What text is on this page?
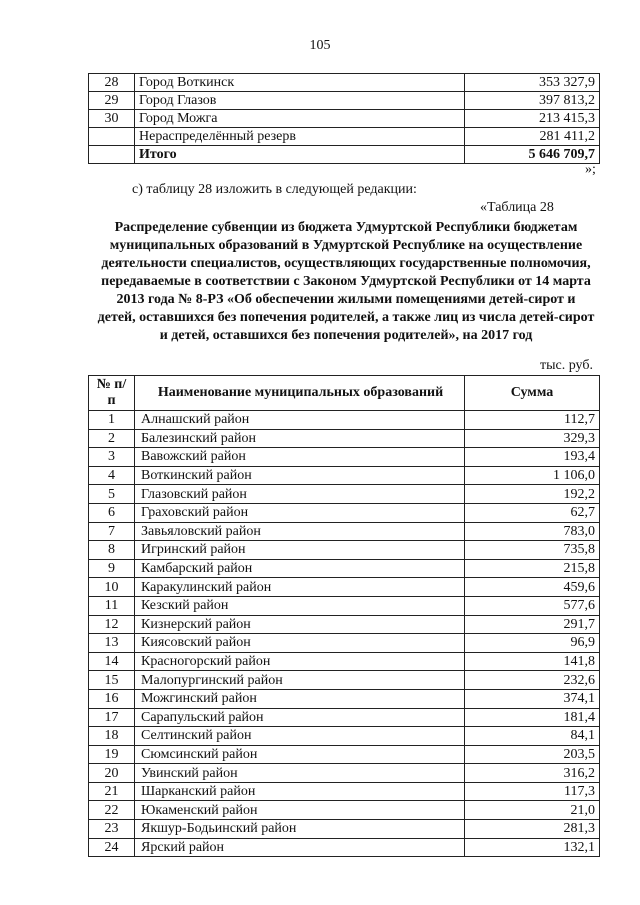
105
28	Город Воткинск	353 327,9
29	Город Глазов	397 813,2
30	Город Можга	213 415,3
	Нераспределённый резерв	281 411,2
	Итого	5 646 709,7
»;
с) таблицу 28 изложить в следующей редакции:
«Таблица 28
Распределение субвенции из бюджета Удмуртской Республики бюджетам муниципальных образований в Удмуртской Республике на осуществление деятельности специалистов, осуществляющих государственные полномочия, передаваемые в соответствии с Законом Удмуртской Республики от 14 марта 2013 года № 8-РЗ «Об обеспечении жилыми помещениями детей-сирот и детей, оставшихся без попечения родителей, а также лиц из числа детей-сирот и детей, оставшихся без попечения родителей», на 2017 год
тыс. руб.
№ п/п	Наименование муниципальных образований	Сумма
1	Алнашский район	112,7
2	Балезинский район	329,3
3	Вавожский район	193,4
4	Воткинский район	1 106,0
5	Глазовский район	192,2
6	Граховский район	62,7
7	Завьяловский район	783,0
8	Игринский район	735,8
9	Камбарский район	215,8
10	Каракулинский район	459,6
11	Кезский район	577,6
12	Кизнерский район	291,7
13	Киясовский район	96,9
14	Красногорский район	141,8
15	Малопургинский район	232,6
16	Можгинский район	374,1
17	Сарапульский район	181,4
18	Селтинский район	84,1
19	Сюмсинский район	203,5
20	Увинский район	316,2
21	Шарканский район	117,3
22	Юкаменский район	21,0
23	Якшур-Бодьинский район	281,3
24	Ярский район	132,1
